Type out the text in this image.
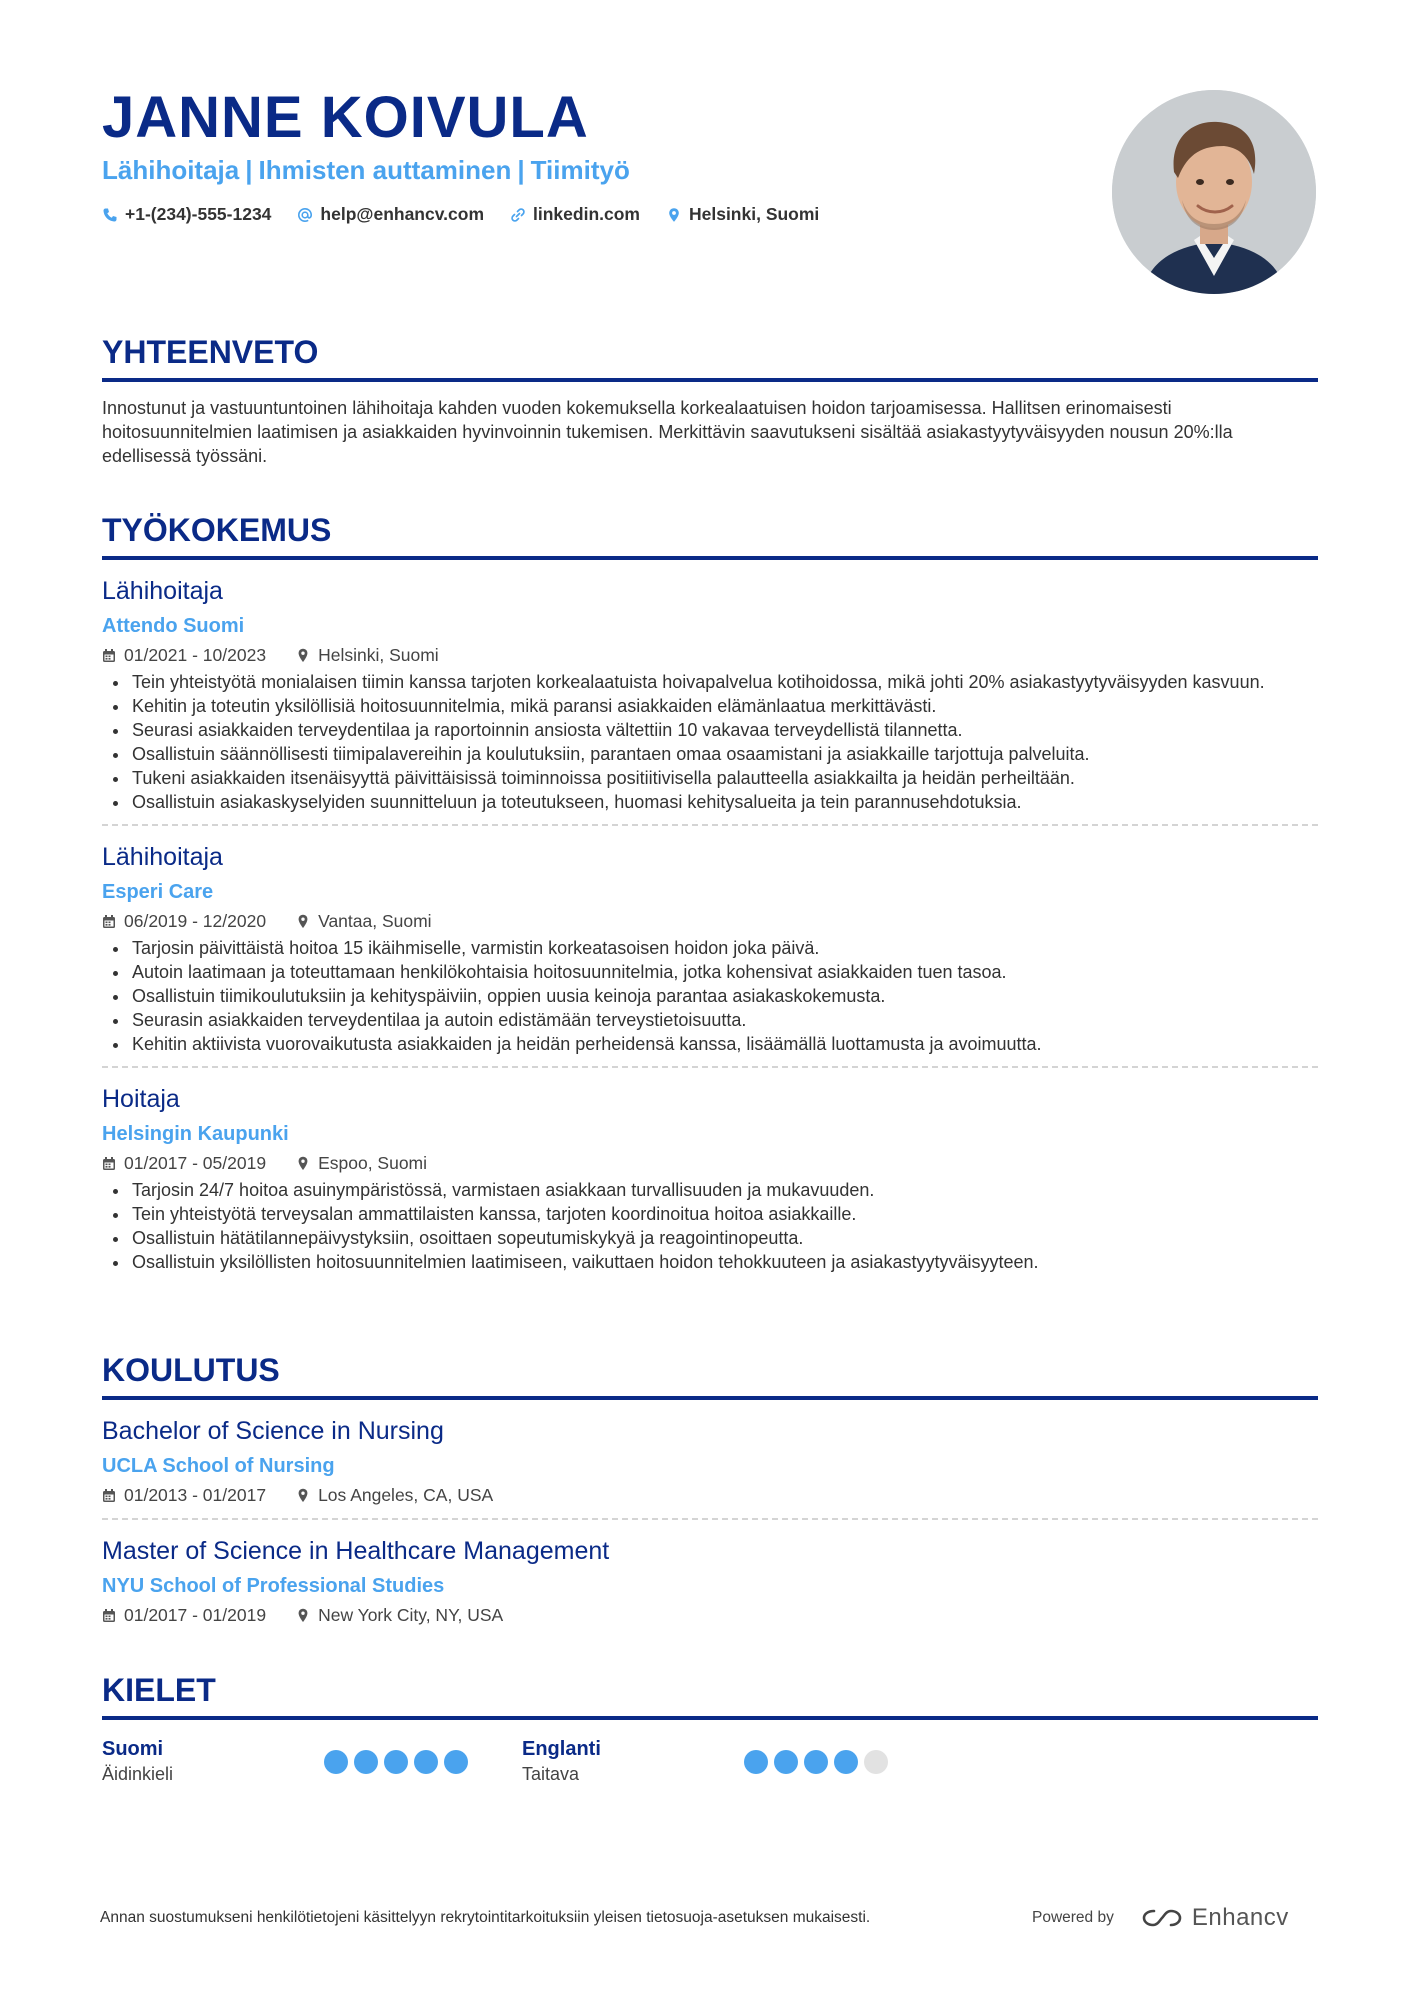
JANNE KOIVULA
Lähihoitaja | Ihmisten auttaminen | Tiimityö
+1-(234)-555-1234	help@enhancv.com	linkedin.com	Helsinki, Suomi
YHTEENVETO
Innostunut ja vastuuntuntoinen lähihoitaja kahden vuoden kokemuksella korkealaatuisen hoidon tarjoamisessa. Hallitsen erinomaisesti hoitosuunnitelmien laatimisen ja asiakkaiden hyvinvoinnin tukemisen. Merkittävin saavutukseni sisältää asiakastyytyväisyyden nousun 20%:lla edellisessä työssäni.
TYÖKOKEMUS
Lähihoitaja
Attendo Suomi
01/2021 - 10/2023	Helsinki, Suomi
• Tein yhteistyötä monialaisen tiimin kanssa tarjoten korkealaatuista hoivapalvelua kotihoidossa, mikä johti 20% asiakastyytyväisyyden kasvuun.
• Kehitin ja toteutin yksilöllisiä hoitosuunnitelmia, mikä paransi asiakkaiden elämänlaatua merkittävästi.
• Seurasi asiakkaiden terveydentilaa ja raportoinnin ansiosta vältettiin 10 vakavaa terveydellistä tilannetta.
• Osallistuin säännöllisesti tiimipalavereihin ja koulutuksiin, parantaen omaa osaamistani ja asiakkaille tarjottuja palveluita.
• Tukeni asiakkaiden itsenäisyyttä päivittäisissä toiminnoissa positiitivisella palautteella asiakkailta ja heidän perheiltään.
• Osallistuin asiakaskyselyiden suunnitteluun ja toteutukseen, huomasi kehitysalueita ja tein parannusehdotuksia.
Lähihoitaja
Esperi Care
06/2019 - 12/2020	Vantaa, Suomi
• Tarjosin päivittäistä hoitoa 15 ikäihmiselle, varmistin korkeatasoisen hoidon joka päivä.
• Autoin laatimaan ja toteuttamaan henkilökohtaisia hoitosuunnitelmia, jotka kohensivat asiakkaiden tuen tasoa.
• Osallistuin tiimikoulutuksiin ja kehityspäiviin, oppien uusia keinoja parantaa asiakaskokemusta.
• Seurasin asiakkaiden terveydentilaa ja autoin edistämään terveystietoisuutta.
• Kehitin aktiivista vuorovaikutusta asiakkaiden ja heidän perheidensä kanssa, lisäämällä luottamusta ja avoimuutta.
Hoitaja
Helsingin Kaupunki
01/2017 - 05/2019	Espoo, Suomi
• Tarjosin 24/7 hoitoa asuinympäristössä, varmistaen asiakkaan turvallisuuden ja mukavuuden.
• Tein yhteistyötä terveysalan ammattilaisten kanssa, tarjoten koordinoitua hoitoa asiakkaille.
• Osallistuin hätätilannepäivystyksiin, osoittaen sopeutumiskykyä ja reagointinopeutta.
• Osallistuin yksilöllisten hoitosuunnitelmien laatimiseen, vaikuttaen hoidon tehokkuuteen ja asiakastyytyväisyyteen.
KOULUTUS
Bachelor of Science in Nursing
UCLA School of Nursing
01/2013 - 01/2017	Los Angeles, CA, USA
Master of Science in Healthcare Management
NYU School of Professional Studies
01/2017 - 01/2019	New York City, NY, USA
KIELET
Suomi
Äidinkieli
Englanti
Taitava
Annan suostumukseni henkilötietojeni käsittelyyn rekrytointitarkoituksiin yleisen tietosuoja-asetuksen mukaisesti.	Powered by	Enhancv
